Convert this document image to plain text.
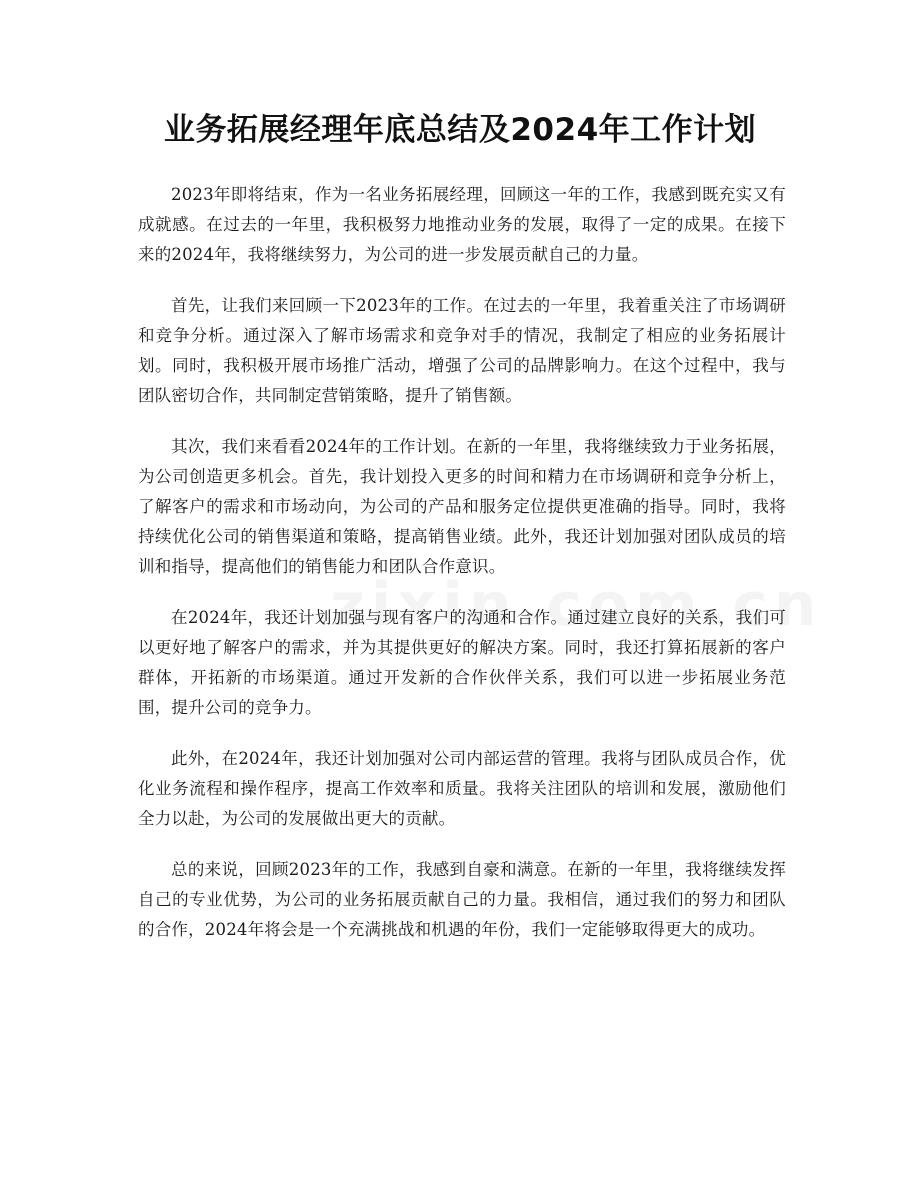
业务拓展经理年底总结及2024年工作计划

2023年即将结束，作为一名业务拓展经理，回顾这一年的工作，我感到既充实又有成就感。在过去的一年里，我积极努力地推动业务的发展，取得了一定的成果。在接下来的2024年，我将继续努力，为公司的进一步发展贡献自己的力量。

首先，让我们来回顾一下2023年的工作。在过去的一年里，我着重关注了市场调研和竞争分析。通过深入了解市场需求和竞争对手的情况，我制定了相应的业务拓展计划。同时，我积极开展市场推广活动，增强了公司的品牌影响力。在这个过程中，我与团队密切合作，共同制定营销策略，提升了销售额。

其次，我们来看看2024年的工作计划。在新的一年里，我将继续致力于业务拓展，为公司创造更多机会。首先，我计划投入更多的时间和精力在市场调研和竞争分析上，了解客户的需求和市场动向，为公司的产品和服务定位提供更准确的指导。同时，我将持续优化公司的销售渠道和策略，提高销售业绩。此外，我还计划加强对团队成员的培训和指导，提高他们的销售能力和团队合作意识。

在2024年，我还计划加强与现有客户的沟通和合作。通过建立良好的关系，我们可以更好地了解客户的需求，并为其提供更好的解决方案。同时，我还打算拓展新的客户群体，开拓新的市场渠道。通过开发新的合作伙伴关系，我们可以进一步拓展业务范围，提升公司的竞争力。

此外，在2024年，我还计划加强对公司内部运营的管理。我将与团队成员合作，优化业务流程和操作程序，提高工作效率和质量。我将关注团队的培训和发展，激励他们全力以赴，为公司的发展做出更大的贡献。

总的来说，回顾2023年的工作，我感到自豪和满意。在新的一年里，我将继续发挥自己的专业优势，为公司的业务拓展贡献自己的力量。我相信，通过我们的努力和团队的合作，2024年将会是一个充满挑战和机遇的年份，我们一定能够取得更大的成功。
